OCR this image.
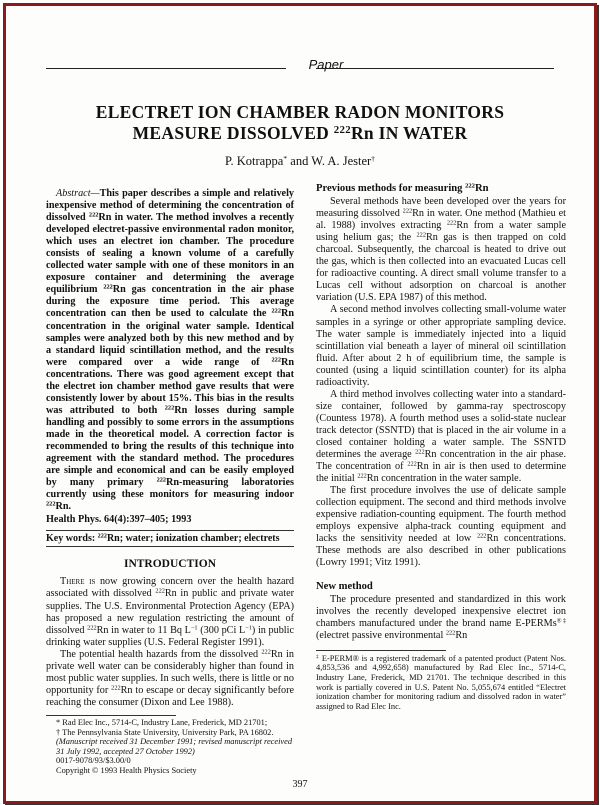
Paper
ELECTRET ION CHAMBER RADON MONITORS
MEASURE DISSOLVED $^{222}$Rn IN WATER
P. Kotrappa* and W. A. Jester†

Abstract—This paper describes a simple and relatively inexpensive method of determining the concentration of dissolved $^{222}$Rn in water. The method involves a recently developed electret-passive environmental radon monitor, which uses an electret ion chamber. The procedure consists of sealing a known volume of a carefully collected water sample with one of these monitors in an exposure container and determining the average equilibrium $^{222}$Rn gas concentration in the air phase during the exposure time period. This average concentration can then be used to calculate the $^{222}$Rn concentration in the original water sample. Identical samples were analyzed both by this new method and by a standard liquid scintillation method, and the results were compared over a wide range of $^{222}$Rn concentrations. There was good agreement except that the electret ion chamber method gave results that were consistently lower by about 15%. This bias in the results was attributed to both $^{222}$Rn losses during sample handling and possibly to some errors in the assumptions made in the theoretical model. A correction factor is recommended to bring the results of this technique into agreement with the standard method. The procedures are simple and economical and can be easily employed by many primary $^{222}$Rn-measuring laboratories currently using these monitors for measuring indoor $^{222}$Rn.

Health Phys. 64(4):397–405; 1993
Key words: $^{222}$Rn; water; ionization chamber; electrets
INTRODUCTION

There is now growing concern over the health hazard associated with dissolved $^{222}$Rn in public and private water supplies. The U.S. Environmental Protection Agency (EPA) has proposed a new regulation restricting the amount of dissolved $^{222}$Rn in water to 11 Bq $L^{-1}$ (300 pCi $L^{-1}$) in public drinking water supplies (U.S. Federal Register 1991).

The potential health hazards from the dissolved $^{222}$Rn in private well water can be considerably higher than found in most public water supplies. In such wells, there is little or no opportunity for $^{222}$Rn to escape or decay significantly before reaching the consumer (Dixon and Lee 1988).

* Rad Elec Inc., 5714-C, Industry Lane, Frederick, MD 21701;

† The Pennsylvania State University, University Park, PA 16802.

(Manuscript received 31 December 1991; revised manuscript received 31 July 1992, accepted 27 October 1992)

0017-9078/93/$3.00/0

Copyright © 1993 Health Physics Society

Previous methods for measuring $^{222}$Rn

Several methods have been developed over the years for measuring dissolved $^{222}$Rn in water. One method (Mathieu et al. 1988) involves extracting $^{222}$Rn from a water sample using helium gas; the $^{222}$Rn gas is then trapped on cold charcoal. Subsequently, the charcoal is heated to drive out the gas, which is then collected into an evacuated Lucas cell for radioactive counting. A direct small volume transfer to a Lucas cell without adsorption on charcoal is another variation (U.S. EPA 1987) of this method.

A second method involves collecting small-volume water samples in a syringe or other appropriate sampling device. The water sample is immediately injected into a liquid scintillation vial beneath a layer of mineral oil scintillation fluid. After about 2 h of equilibrium time, the sample is counted (using a liquid scintillation counter) for its alpha radioactivity.

A third method involves collecting water into a standard-size container, followed by gamma-ray spectroscopy (Countess 1978). A fourth method uses a solid-state nuclear track detector (SSNTD) that is placed in the air volume in a closed container holding a water sample. The SSNTD determines the average $^{222}$Rn concentration in the air phase. The concentration of $^{222}$Rn in air is then used to determine the initial $^{222}$Rn concentration in the water sample.

The first procedure involves the use of delicate sample collection equipment. The second and third methods involve expensive radiation-counting equipment. The fourth method employs expensive alpha-track counting equipment and lacks the sensitivity needed at low $^{222}$Rn concentrations. These methods are also described in other publications (Lowry 1991; Vitz 1991).

New method

The procedure presented and standardized in this work involves the recently developed inexpensive electret ion chambers manufactured under the brand name E-PERMs®‡ (electret passive environmental $^{222}$Rn

‡ E-PERM® is a registered trademark of a patented product (Patent Nos. 4,853,536 and 4,992,658) manufactured by Rad Elec Inc., 5714-C, Industry Lane, Frederick, MD 21701. The technique described in this work is partially covered in U.S. Patent No. 5,055,674 entitled “Electret ionization chamber for monitoring radium and dissolved radon in water” assigned to Rad Elec Inc.
397
